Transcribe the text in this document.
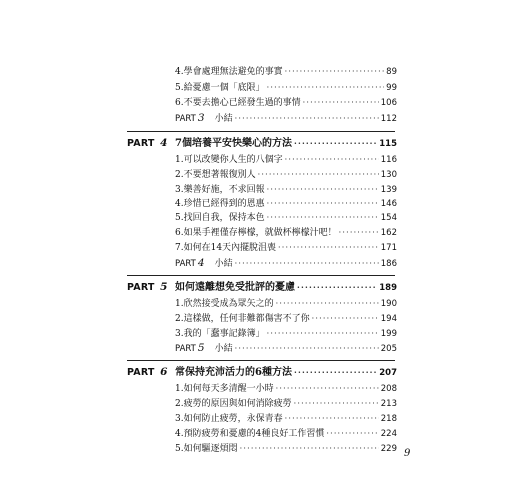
4.學會處理無法避免的事實 ·····	89
5.給憂慮一個「底限」 ·····	99
6.不要去擔心已經發生過的事情 ·····	106
PART 3 小結 ·····	112
PART 4 7個培養平安快樂心的方法 ·····	115
1.可以改變你人生的八個字 ·····	116
2.不要想著報復別人 ·····	130
3.樂善好施，不求回報 ·····	139
4.珍惜已經得到的恩惠 ·····	146
5.找回自我，保持本色 ·····	154
6.如果手裡僅存檸檬，就做杯檸檬汁吧！ ·····	162
7.如何在14天內擺脫沮喪 ·····	171
PART 4 小結 ·····	186
PART 5 如何遠離想免受批評的憂慮 ·····	189
1.欣然接受成為眾矢之的 ·····	190
2.這樣做，任何非難都傷害不了你 ·····	194
3.我的「蠢事記錄簿」 ·····	199
PART 5 小結 ·····	205
PART 6 常保持充沛活力的6種方法 ·····	207
1.如何每天多清醒一小時 ·····	208
2.疲勞的原因與如何消除疲勞 ·····	213
3.如何防止疲勞，永保青春 ·····	218
4.預防疲勞和憂慮的4種良好工作習慣 ·····	224
5.如何驅逐煩悶 ·····	229 9
